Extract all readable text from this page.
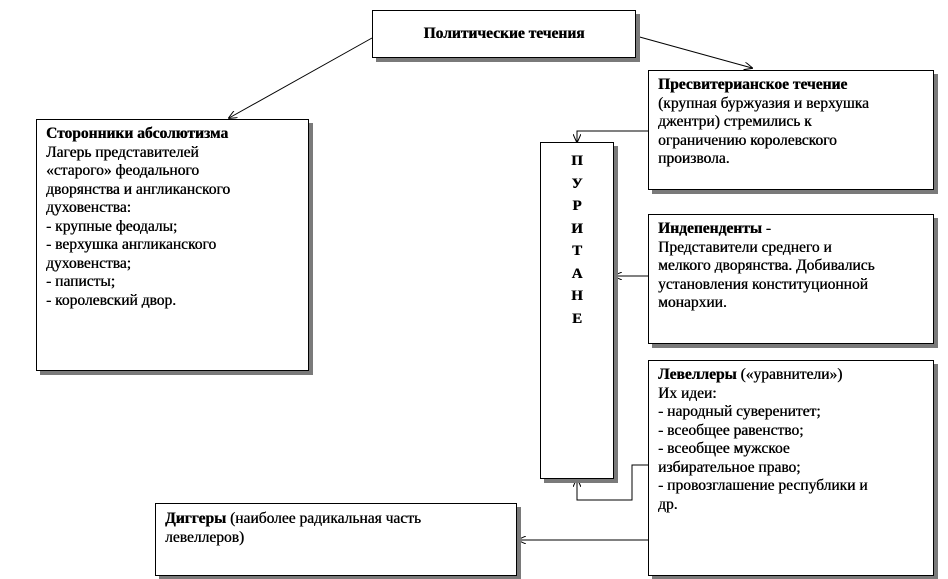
Политические течения
Сторонники абсолютизма
Лагерь представителей
«старого» феодального
дворянства и англиканского
духовенства:
- крупные феодалы;
- верхушка англиканского
духовенства;
- паписты;
- королевский двор.
П
У
Р
И
Т
А
Н
Е
Пресвитерианское течение
(крупная буржуазия и верхушка
джентри) стремились к
ограничению королевского
произвола.
Индепенденты -
Представители среднего и
мелкого дворянства. Добивались
установления конституционной
монархии.
Левеллеры («уравнители»)
Их идеи:
- народный суверенитет;
- всеобщее равенство;
- всеобщее мужское
избирательное право;
- провозглашение республики и
др.
Диггеры (наиболее радикальная часть
левеллеров)
